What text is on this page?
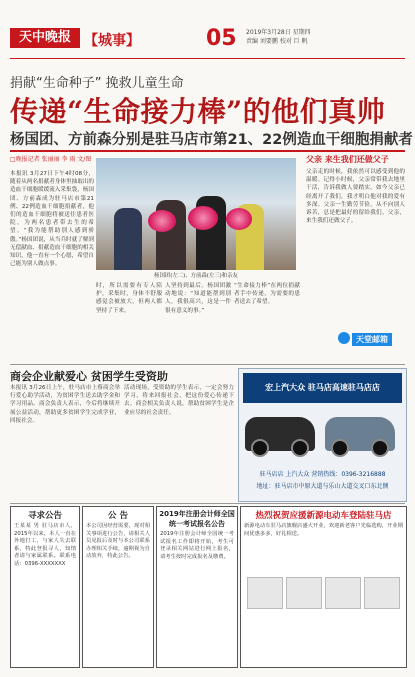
天中晚报 【城事】	05 2019年3月28日 星期四
责编 刘要鹏 校对 巨 帆
捐献“生命种子” 挽救儿童生命
传递“生命接力棒”的他们真帅
杨国团、方前森分别是驻马店市第21、22例造血干细胞捐献者
□晚报记者 张丽丽 李 雨 文/图
本报讯 3月27日下午4时08分，随着从两名捐献者身体里抽取出的造血干细胞缓缓流入采集袋，杨国团、方前森成为驻马店市第21例、22例造血干细胞捐献者，他们的造血干细胞将被送往患者医院，为两名患者带去生的希望。“我为能帮助别人感到骄傲。”杨国团说，从当兵时就了解到无偿献血、捐献造血干细胞的相关知识，他一直有一个心愿，希望自己能为别人做点事。
杨国团(左二)、方前森(左三)和亲友
时，所以需要有专人陪护，采集时，身体不舒服感觉会被放大，但两人都坚持了下来。
人坚持到最后。杨国团激动地说：“知道能帮到别人，我很高兴，这是一件很有意义的事。”
“生命接力棒”在两位捐献者手中传递，为需要的患者送去了希望。
父亲 来生我们还做父子
父亲走的时候，我依然可以感受到他的温暖。记得小时候，父亲常带我去地里干活，告诉我做人要踏实。如今父亲已经离开了我们，我才明白他对我的爱有多深。父亲一生勤劳节俭，从不向别人诉苦，总是把最好的留给我们。父亲，来生我们还做父子。
天堂邮箱
商会企业献爱心 贫困学生受资助
本报讯 3月26日上午，驻马店市上蔡商会举行爱心助学活动，为贫困学生送去助学金和学习用品。商会负责人表示，今后将继续开展公益活动，帮助更多贫困学生完成学业，回报社会。
活动现场，受资助的学生表示，一定会努力学习，将来回报社会，把这份爱心传递下去。商会相关负责人说，帮助贫困学生是企业应尽的社会责任。
宏上汽大众 驻马店高速驻马店店
驻马店店 上汽大众 营销热线：0396-3216888
地址：驻马店市中原大道与乐山大道交叉口东北侧
寻求公告
王某某 男 驻马店市人，2015年以来，本人一直在外地打工，与家人失去联系，特此登报寻人，知情者请与家属联系。联系电话：0396-XXXXXXX
公 告
本公司因经营需要，现对相关事项进行公告，请相关人员见报后及时与本公司联系办理相关手续，逾期视为自动放弃，特此公告。
2019年注册会计师全国统一考试报名公告
2019年注册会计师全国统一考试报名工作即将开始，考生可登录相关网站进行网上报名，请考生按时完成报名及缴费。
热烈祝贺应援新源电动车登陆驻马店
新源电动车驻马店旗舰店盛大开业，欢迎新老客户光临选购，开业期间优惠多多，好礼相送。
